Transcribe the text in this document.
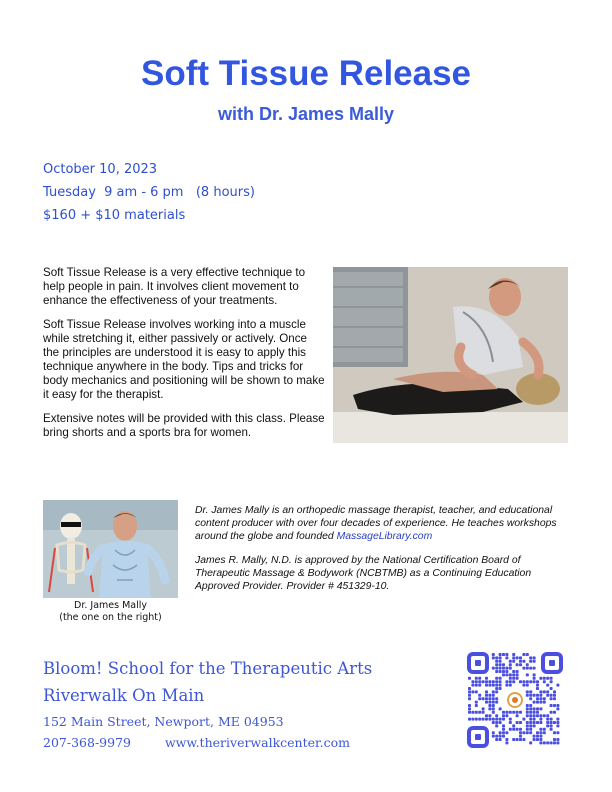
Soft Tissue Release
with Dr. James Mally
October 10, 2023
Tuesday  9 am - 6 pm   (8 hours)
$160 + $10 materials

Soft Tissue Release is a very effective technique to help people in pain. It involves client movement to enhance the effectiveness of your treatments.

Soft Tissue Release involves working into a muscle while stretching it, either passively or actively. Once the principles are understood it is easy to apply this technique anywhere in the body. Tips and tricks for body mechanics and positioning will be shown to make it easy for the therapist.

Extensive notes will be provided with this class. Please bring shorts and a sports bra for women.

Dr. James Mally
(the one on the right)

Dr. James Mally is an orthopedic massage therapist, teacher, and educational content producer with over four decades of experience. He teaches workshops around the globe and founded MassageLibrary.com

James R. Mally, N.D. is approved by the National Certification Board of Therapeutic Massage & Bodywork (NCBTMB) as a Continuing Education Approved Provider. Provider # 451329-10.

Bloom! School for the Therapeutic Arts
Riverwalk On Main
152 Main Street, Newport, ME 04953
207-368-9979	www.theriverwalkcenter.com
